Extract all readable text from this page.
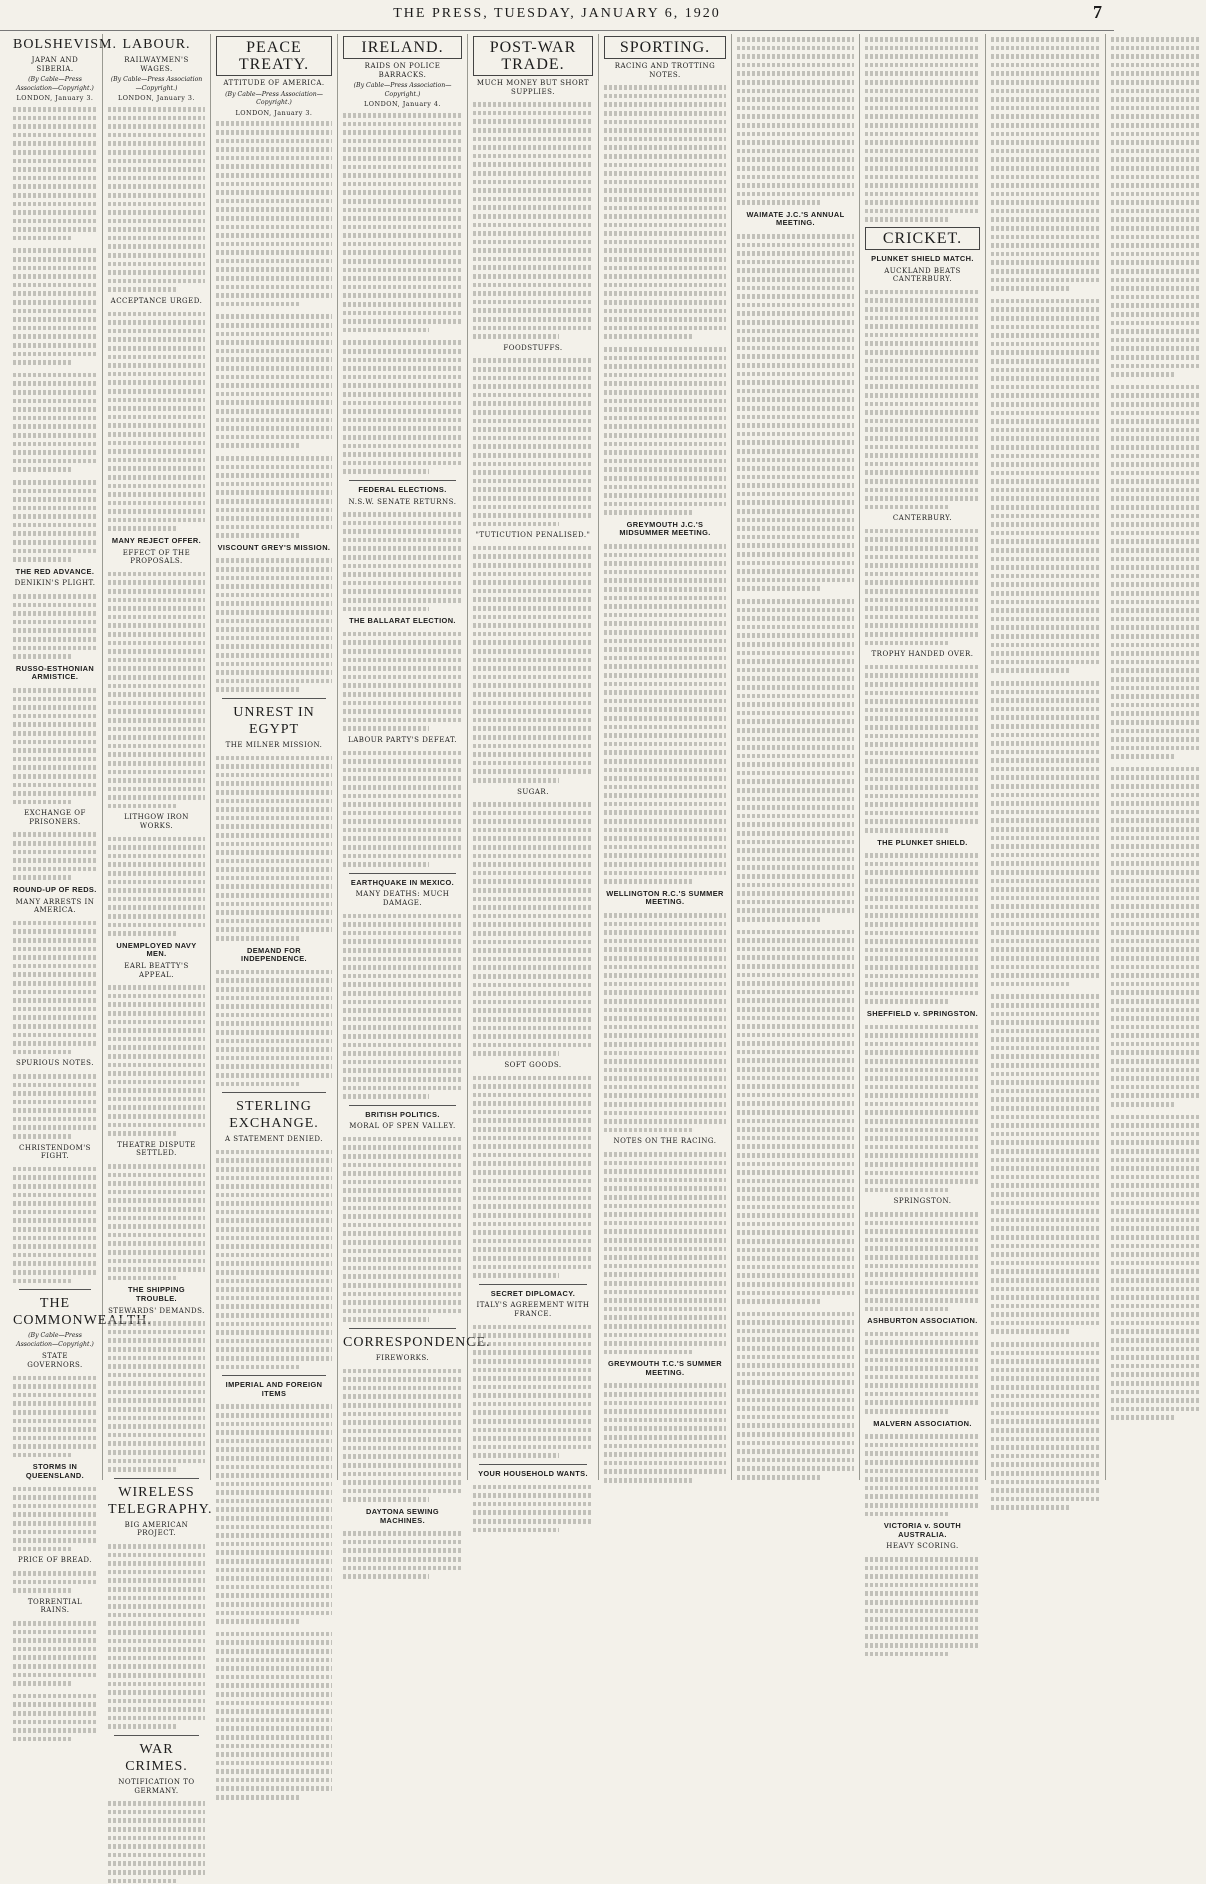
THE PRESS, TUESDAY, JANUARY 6, 1920	7
BOLSHEVISM.
JAPAN AND SIBERIA.
(By Cable—Press Association—Copyright.)
LONDON, January 3.
THE RED ADVANCE.
DENIKIN'S PLIGHT.
RUSSO-ESTHONIAN ARMISTICE.
EXCHANGE OF PRISONERS.
ROUND-UP OF REDS.
MANY ARRESTS IN AMERICA.
SPURIOUS NOTES.
CHRISTENDOM'S FIGHT.
THE COMMONWEALTH.
(By Cable—Press Association—Copyright.)
STATE GOVERNORS.
STORMS IN QUEENSLAND.
PRICE OF BREAD.
TORRENTIAL RAINS.
LABOUR.
RAILWAYMEN'S WAGES.
(By Cable—Press Association—Copyright.)
LONDON, January 3.
ACCEPTANCE URGED.
MANY REJECT OFFER.
EFFECT OF THE PROPOSALS.
LITHGOW IRON WORKS.
UNEMPLOYED NAVY MEN.
EARL BEATTY'S APPEAL.
THEATRE DISPUTE SETTLED.
THE SHIPPING TROUBLE.
STEWARDS' DEMANDS.
WIRELESS TELEGRAPHY.
BIG AMERICAN PROJECT.
WAR CRIMES.
NOTIFICATION TO GERMANY.
PEACE TREATY.
ATTITUDE OF AMERICA.
(By Cable—Press Association—Copyright.)
LONDON, January 3.
VISCOUNT GREY'S MISSION.
UNREST IN EGYPT
THE MILNER MISSION.
DEMAND FOR INDEPENDENCE.
STERLING EXCHANGE.
A STATEMENT DENIED.
IMPERIAL AND FOREIGN ITEMS
IRELAND.
RAIDS ON POLICE BARRACKS.
(By Cable—Press Association—Copyright.)
LONDON, January 4.
FEDERAL ELECTIONS.
N.S.W. SENATE RETURNS.
THE BALLARAT ELECTION.
LABOUR PARTY'S DEFEAT.
EARTHQUAKE IN MEXICO.
MANY DEATHS: MUCH DAMAGE.
BRITISH POLITICS.
MORAL OF SPEN VALLEY.
CORRESPONDENCE.
FIREWORKS.
DAYTONA SEWING MACHINES.
POST-WAR TRADE.
MUCH MONEY BUT SHORT SUPPLIES.
FOODSTUFFS.
"TUTICUTION PENALISED."
SUGAR.
SOFT GOODS.
SECRET DIPLOMACY.
ITALY'S AGREEMENT WITH FRANCE.
YOUR HOUSEHOLD WANTS.
SPORTING.
RACING AND TROTTING NOTES.
GREYMOUTH J.C.'S MIDSUMMER MEETING.
WELLINGTON R.C.'S SUMMER MEETING.
NOTES ON THE RACING.
GREYMOUTH T.C.'S SUMMER MEETING.
WAIMATE J.C.'S ANNUAL MEETING.
CRICKET.
PLUNKET SHIELD MATCH.
AUCKLAND BEATS CANTERBURY.
CANTERBURY.
TROPHY HANDED OVER.
THE PLUNKET SHIELD.
SHEFFIELD v. SPRINGSTON.
SPRINGSTON.
ASHBURTON ASSOCIATION.
MALVERN ASSOCIATION.
VICTORIA v. SOUTH AUSTRALIA.
HEAVY SCORING.
